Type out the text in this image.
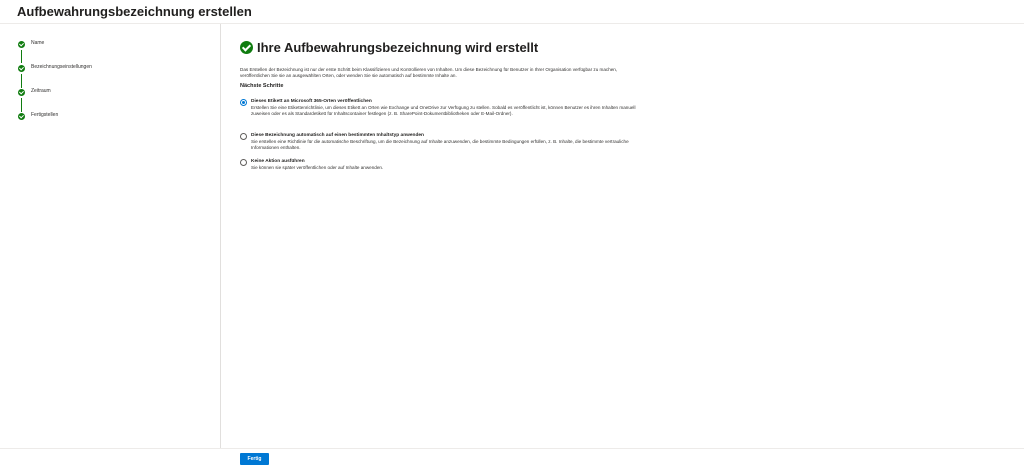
Aufbewahrungsbezeichnung erstellen
Name
Bezeichnungseinstellungen
Zeitraum
Fertigstellen
Ihre Aufbewahrungsbezeichnung wird erstellt
Das Erstellen der Bezeichnung ist nur der erste Schritt beim Klassifizieren und Kontrollieren von Inhalten. Um diese Bezeichnung für Benutzer in Ihrer Organisation verfügbar zu machen, veröffentlichen Sie sie an ausgewählten Orten, oder wenden Sie sie automatisch auf bestimmte Inhalte an.
Nächste Schritte
Dieses Etikett an Microsoft 365-Orten veröffentlichen
Erstellen Sie eine Etikettenrichtlinie, um dieses Etikett an Orten wie Exchange und OneDrive zur Verfügung zu stellen. Sobald es veröffentlicht ist, können Benutzer es ihren Inhalten manuell zuweisen oder es als Standardetikett für Inhaltscontainer festlegen (z. B. SharePoint-Dokumentbibliotheken oder E-Mail-Ordner).
Diese Bezeichnung automatisch auf einen bestimmten Inhaltstyp anwenden
Sie erstellen eine Richtlinie für die automatische Beschriftung, um die Bezeichnung auf Inhalte anzuwenden, die bestimmte Bedingungen erfüllen, z. B. Inhalte, die bestimmte vertrauliche Informationen enthalten.
Keine Aktion ausführen
Sie können sie später veröffentlichen oder auf Inhalte anwenden.
Fertig
